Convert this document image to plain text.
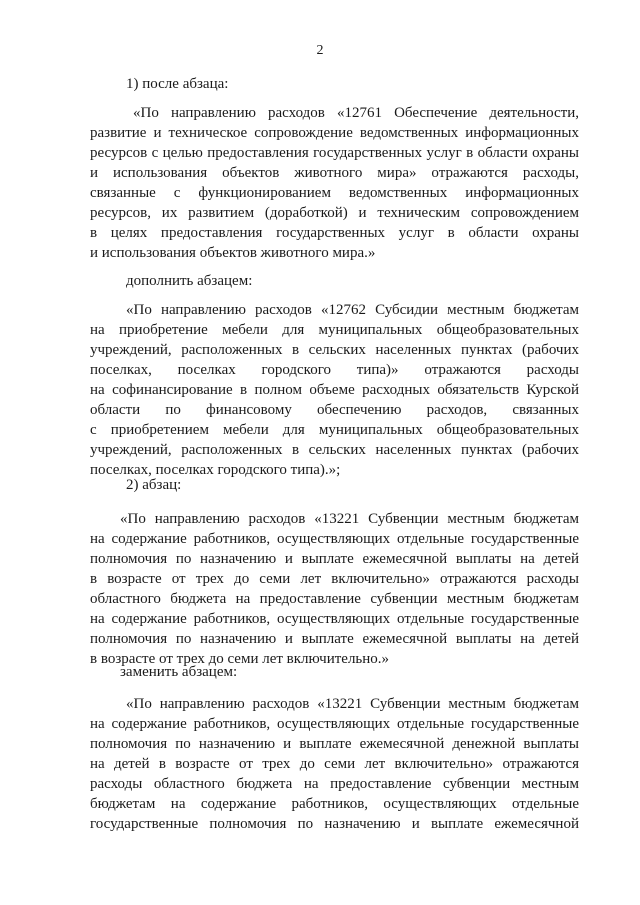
2
1) после абзаца:

«По направлению расходов «12761 Обеспечение деятельности,

развитие и техническое сопровождение ведомственных информационных

ресурсов с целью предоставления государственных услуг в области охраны

и использования объектов животного мира» отражаются расходы,

связанные с функционированием ведомственных информационных

ресурсов, их развитием (доработкой) и техническим сопровождением

в целях предоставления государственных услуг в области охраны

и использования объектов животного мира.»

дополнить абзацем:

«По направлению расходов «12762 Субсидии местным бюджетам

на приобретение мебели для муниципальных общеобразовательных

учреждений, расположенных в сельских населенных пунктах (рабочих

поселках, поселках городского типа)» отражаются расходы

на софинансирование в полном объеме расходных обязательств Курской

области по финансовому обеспечению расходов, связанных

с приобретением мебели для муниципальных общеобразовательных

учреждений, расположенных в сельских населенных пунктах (рабочих

поселках, поселках городского типа).»;

2) абзац:

«По направлению расходов «13221 Субвенции местным бюджетам

на содержание работников, осуществляющих отдельные государственные

полномочия по назначению и выплате ежемесячной выплаты на детей

в возрасте от трех до семи лет включительно» отражаются расходы

областного бюджета на предоставление субвенции местным бюджетам

на содержание работников, осуществляющих отдельные государственные

полномочия по назначению и выплате ежемесячной выплаты на детей

в возрасте от трех до семи лет включительно.»

заменить абзацем:

«По направлению расходов «13221 Субвенции местным бюджетам

на содержание работников, осуществляющих отдельные государственные

полномочия по назначению и выплате ежемесячной денежной выплаты

на детей в возрасте от трех до семи лет включительно» отражаются

расходы областного бюджета на предоставление субвенции местным

бюджетам на содержание работников, осуществляющих отдельные

государственные полномочия по назначению и выплате ежемесячной
